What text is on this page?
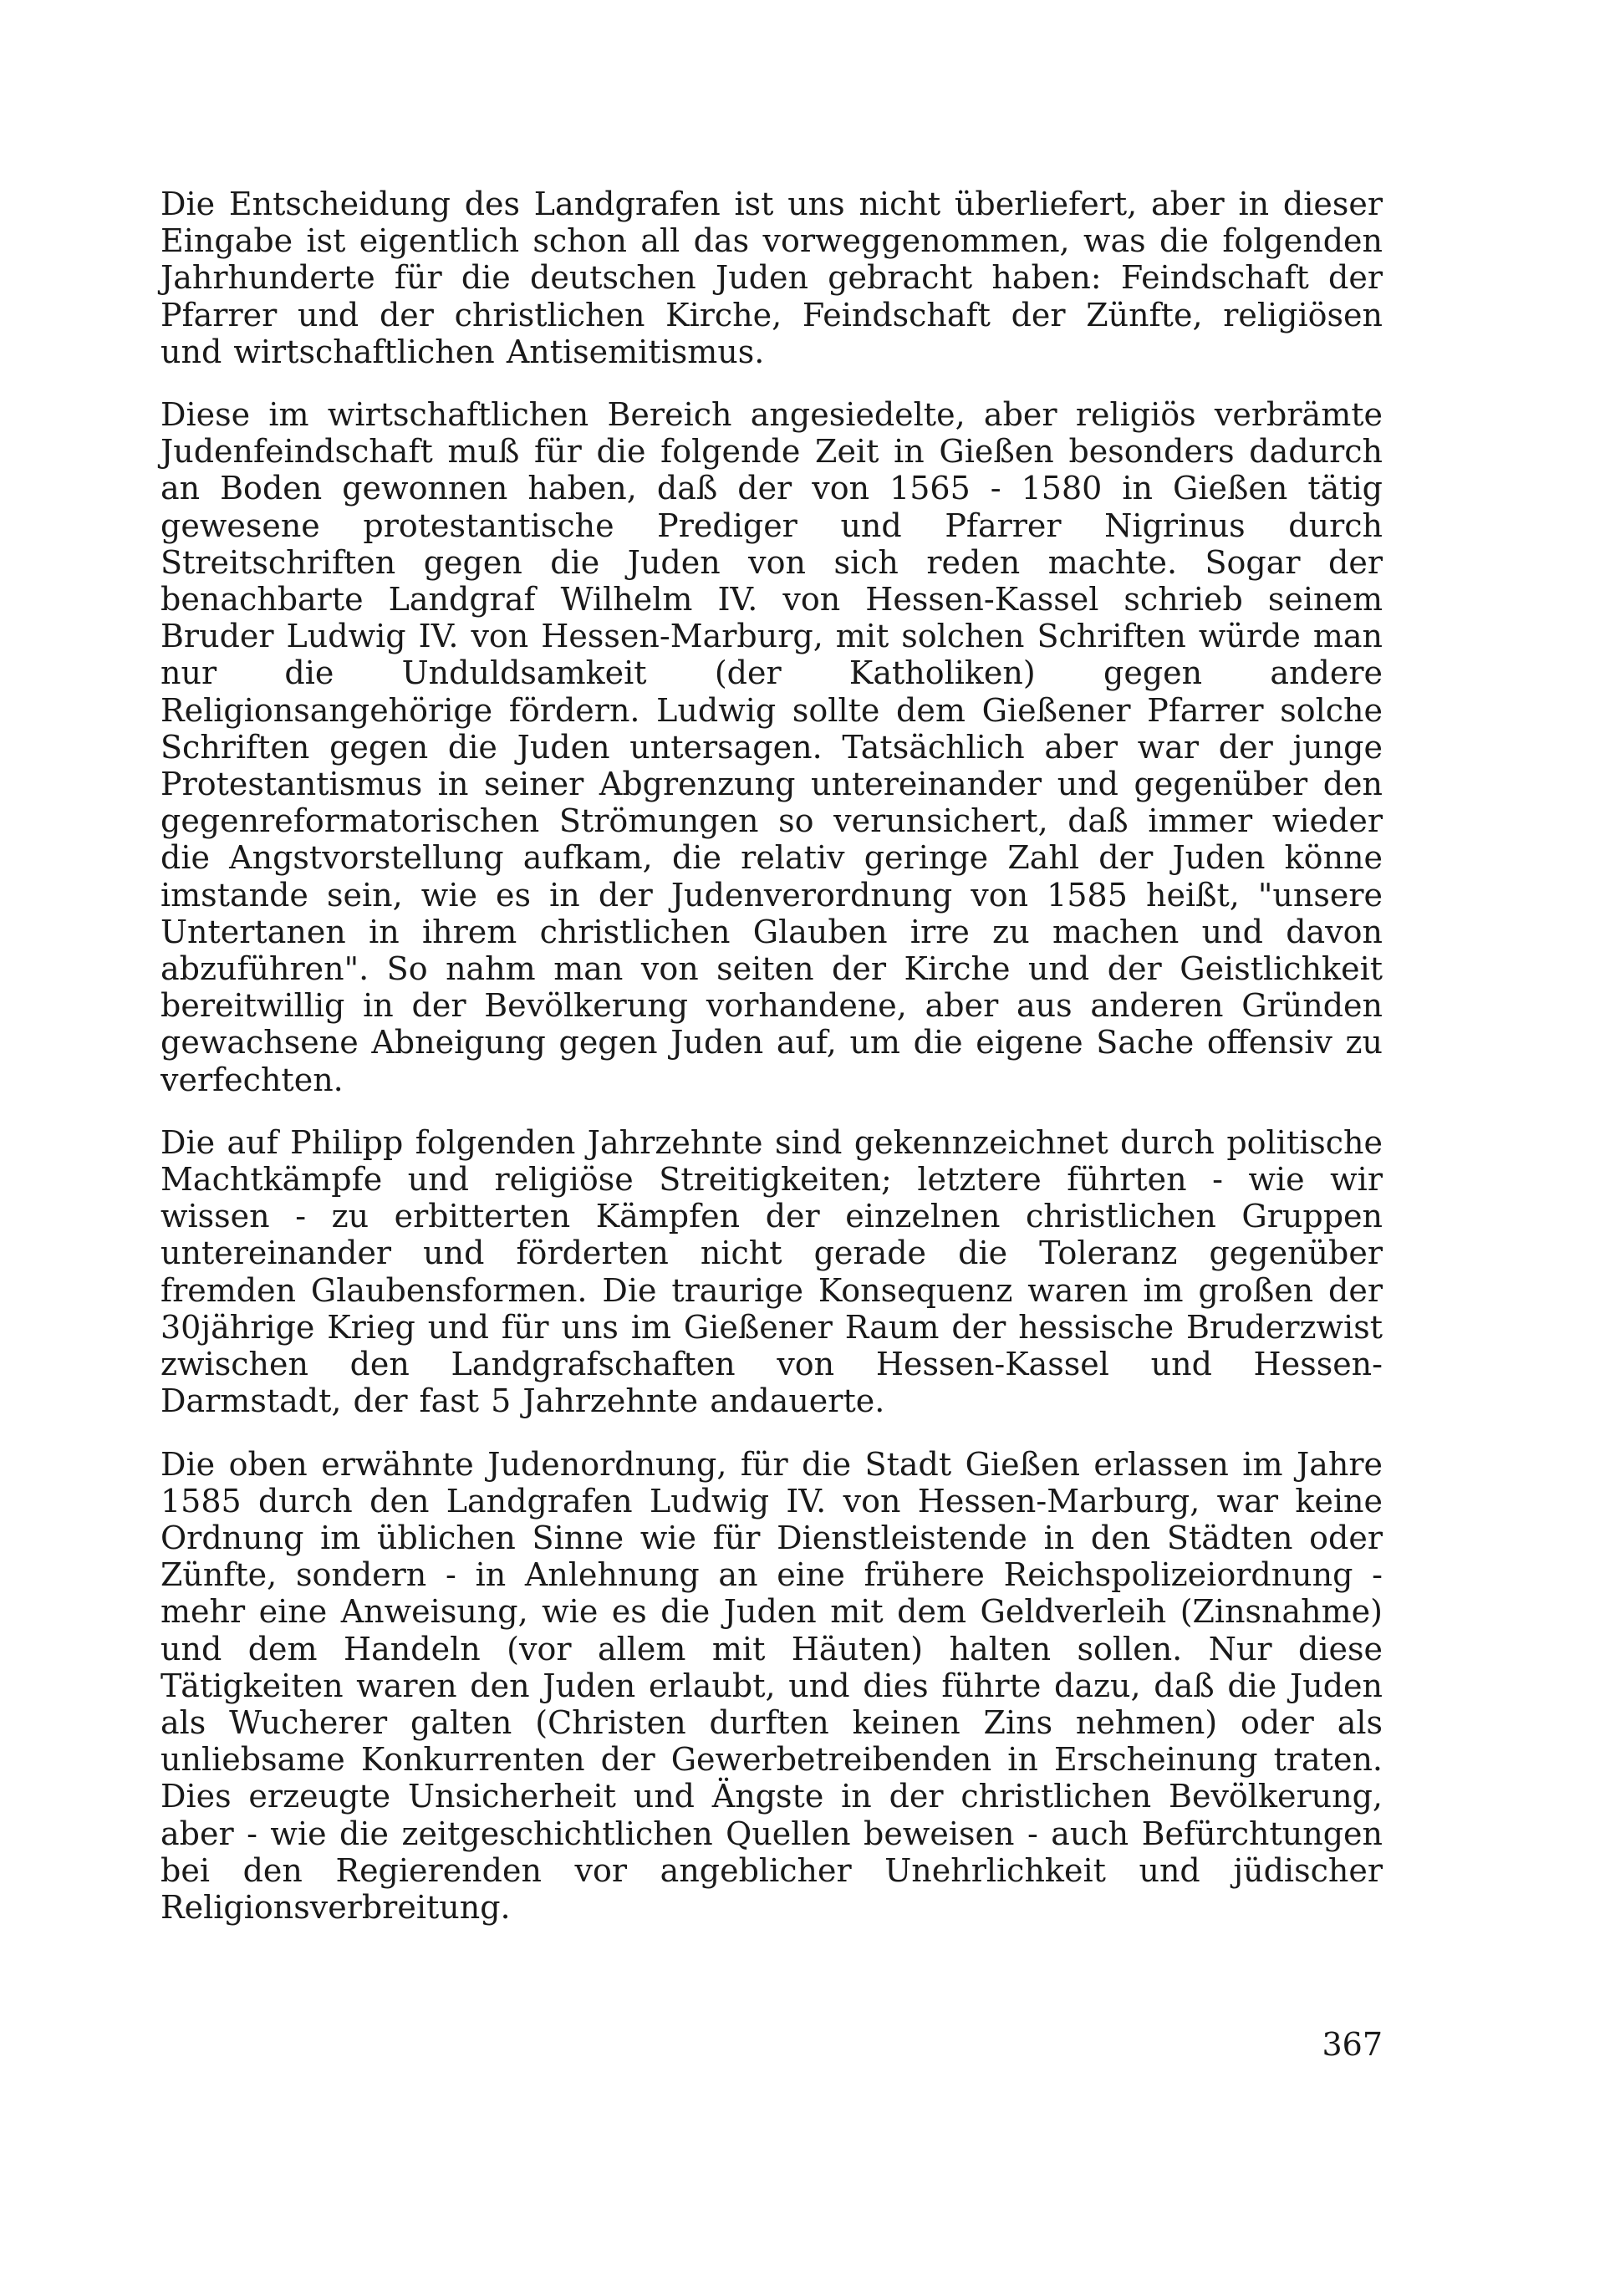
Die Entscheidung des Landgrafen ist uns nicht überliefert, aber in dieser Eingabe ist eigentlich schon all das vorweggenommen, was die folgenden Jahrhunderte für die deutschen Juden gebracht haben: Feindschaft der Pfarrer und der christlichen Kirche, Feindschaft der Zünfte, religiösen und wirtschaftlichen Antisemitismus.

Diese im wirtschaftlichen Bereich angesiedelte, aber religiös verbrämte Judenfeindschaft muß für die folgende Zeit in Gießen besonders dadurch an Boden gewonnen haben, daß der von 1565 - 1580 in Gießen tätig gewesene protestantische Prediger und Pfarrer Nigrinus durch Streitschriften gegen die Juden von sich reden machte. Sogar der benachbarte Landgraf Wilhelm IV. von Hessen-Kassel schrieb seinem Bruder Ludwig IV. von Hessen-Marburg, mit solchen Schriften würde man nur die Unduldsamkeit (der Katholiken) gegen andere Religionsangehörige fördern. Ludwig sollte dem Gießener Pfarrer solche Schriften gegen die Juden untersagen. Tatsächlich aber war der junge Protestantismus in seiner Abgrenzung untereinander und gegenüber den gegenreformatorischen Strömungen so verunsichert, daß immer wieder die Angstvorstellung aufkam, die relativ geringe Zahl der Juden könne imstande sein, wie es in der Judenverordnung von 1585 heißt, "unsere Untertanen in ihrem christlichen Glauben irre zu machen und davon abzuführen". So nahm man von seiten der Kirche und der Geistlichkeit bereitwillig in der Bevölkerung vorhandene, aber aus anderen Gründen gewachsene Abneigung gegen Juden auf, um die eigene Sache offensiv zu verfechten.

Die auf Philipp folgenden Jahrzehnte sind gekennzeichnet durch politische Machtkämpfe und religiöse Streitigkeiten; letztere führten - wie wir wissen - zu erbitterten Kämpfen der einzelnen christlichen Gruppen untereinander und förderten nicht gerade die Toleranz gegenüber fremden Glaubensformen. Die traurige Konsequenz waren im großen der 30jährige Krieg und für uns im Gießener Raum der hessische Bruderzwist zwischen den Landgrafschaften von Hessen-Kassel und Hessen-Darmstadt, der fast 5 Jahrzehnte andauerte.

Die oben erwähnte Judenordnung, für die Stadt Gießen erlassen im Jahre 1585 durch den Landgrafen Ludwig IV. von Hessen-Marburg, war keine Ordnung im üblichen Sinne wie für Dienstleistende in den Städten oder Zünfte, sondern - in Anlehnung an eine frühere Reichspolizeiordnung - mehr eine Anweisung, wie es die Juden mit dem Geldverleih (Zinsnahme) und dem Handeln (vor allem mit Häuten) halten sollen. Nur diese Tätigkeiten waren den Juden erlaubt, und dies führte dazu, daß die Juden als Wucherer galten (Christen durften keinen Zins nehmen) oder als unliebsame Konkurrenten der Gewerbetreibenden in Erscheinung traten. Dies erzeugte Unsicherheit und Ängste in der christlichen Bevölkerung, aber - wie die zeitgeschichtlichen Quellen beweisen - auch Befürchtungen bei den Regierenden vor angeblicher Unehrlichkeit und jüdischer Religionsverbreitung.

367
